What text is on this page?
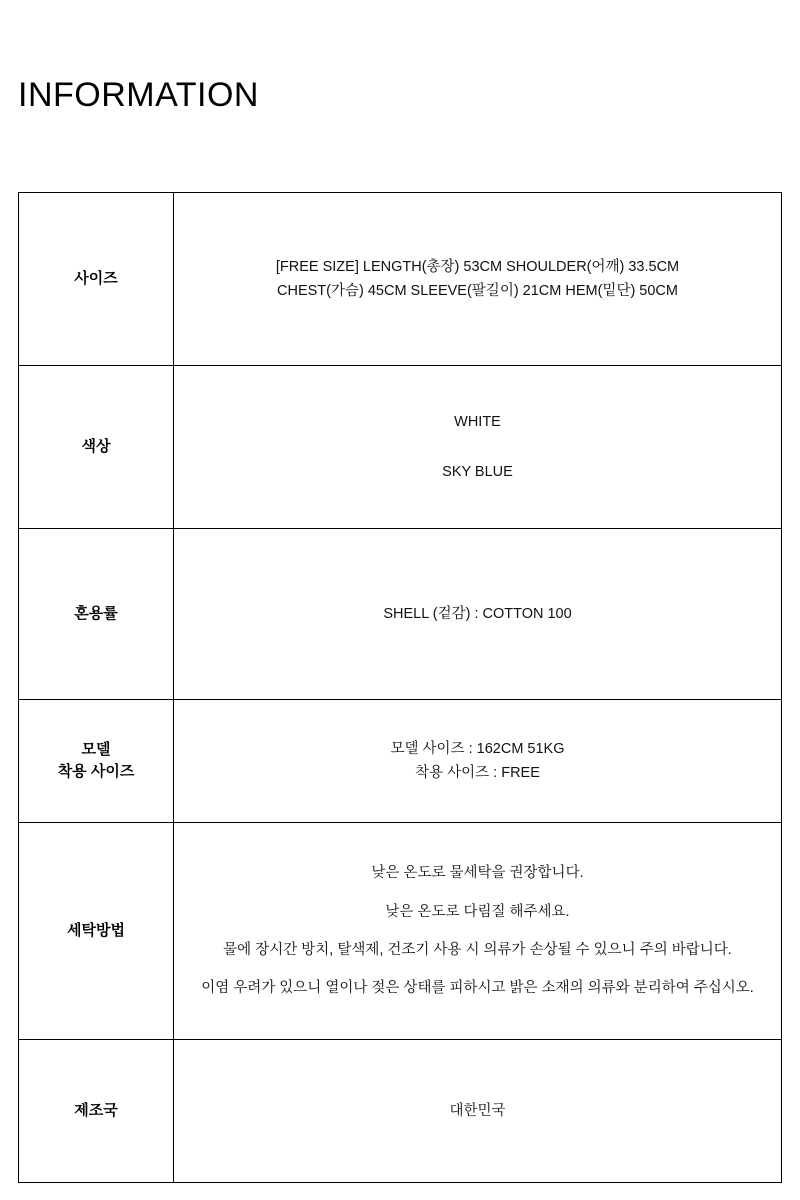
INFORMATION
사이즈	[FREE SIZE] LENGTH(총장) 53CM SHOULDER(어깨) 33.5CM
CHEST(가슴) 45CM SLEEVE(팔길이) 21CM HEM(밑단) 50CM

색상	WHITE
SKY BLUE

혼용률	SHELL (겉감) : COTTON 100

모델
착용 사이즈	모델 사이즈 : 162CM 51KG
착용 사이즈 : FREE

세탁방법	낮은 온도로 물세탁을 권장합니다.
낮은 온도로 다림질 해주세요.
물에 장시간 방치, 탈색제, 건조기 사용 시 의류가 손상될 수 있으니 주의 바랍니다.
이염 우려가 있으니 열이나 젖은 상태를 피하시고 밝은 소재의 의류와 분리하여 주십시오.

제조국	대한민국
